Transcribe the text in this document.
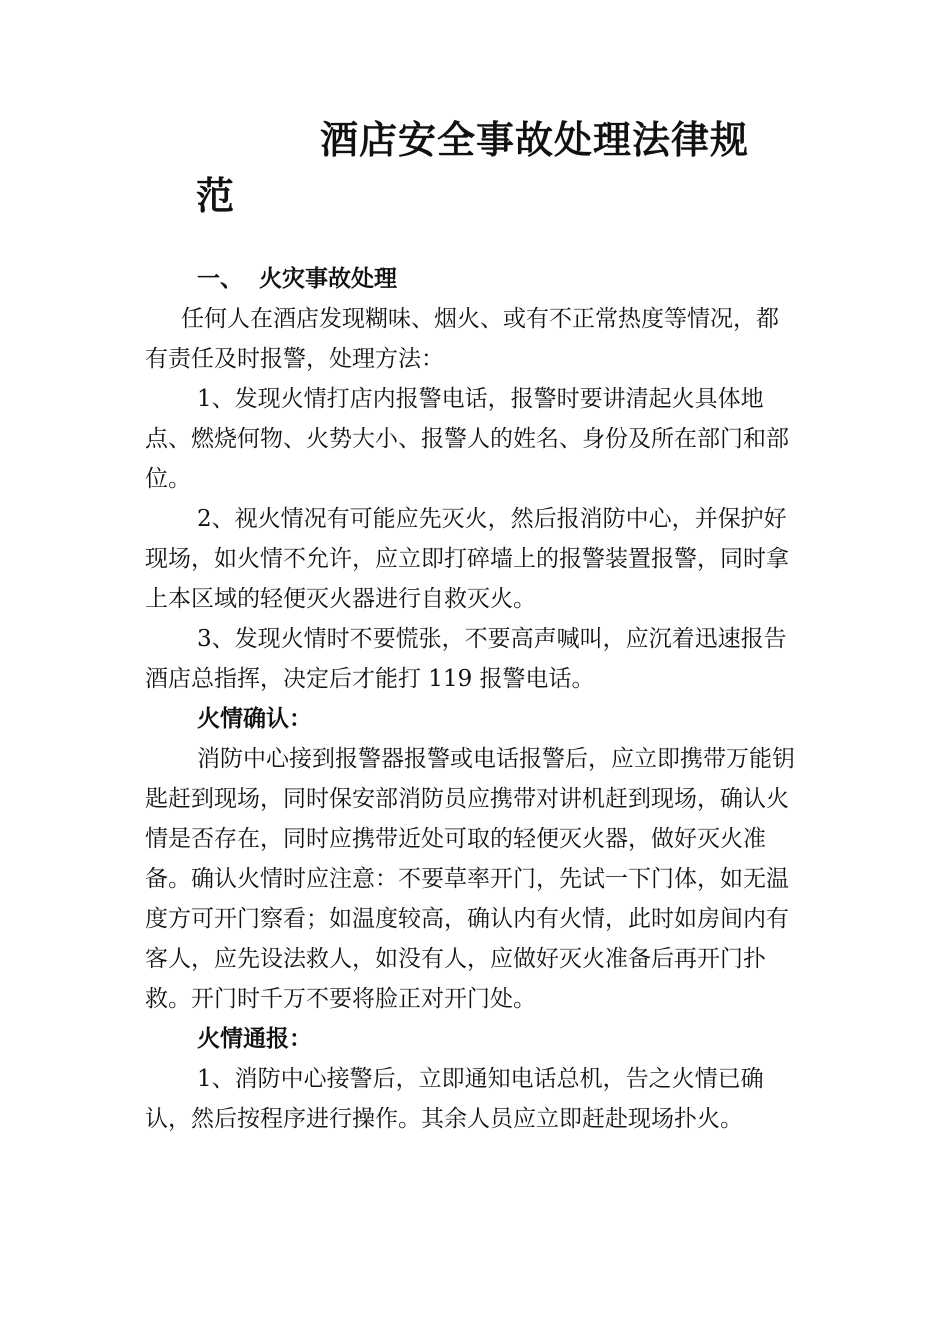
酒店安全事故处理法律规
范

一、 火灾事故处理

任何人在酒店发现糊味、烟火、或有不正常热度等情况，都有责任及时报警，处理方法：

1、发现火情打店内报警电话，报警时要讲清起火具体地点、燃烧何物、火势大小、报警人的姓名、身份及所在部门和部位。

2、视火情况有可能应先灭火，然后报消防中心，并保护好现场，如火情不允许，应立即打碎墙上的报警装置报警，同时拿上本区域的轻便灭火器进行自救灭火。

3、发现火情时不要慌张，不要高声喊叫，应沉着迅速报告酒店总指挥，决定后才能打 119 报警电话。

火情确认：

消防中心接到报警器报警或电话报警后，应立即携带万能钥匙赶到现场，同时保安部消防员应携带对讲机赶到现场，确认火情是否存在，同时应携带近处可取的轻便灭火器，做好灭火准备。确认火情时应注意：不要草率开门，先试一下门体，如无温度方可开门察看；如温度较高，确认内有火情，此时如房间内有客人，应先设法救人，如没有人，应做好灭火准备后再开门扑救。开门时千万不要将脸正对开门处。

火情通报：

1、消防中心接警后，立即通知电话总机，告之火情已确认，然后按程序进行操作。其余人员应立即赶赴现场扑火。
